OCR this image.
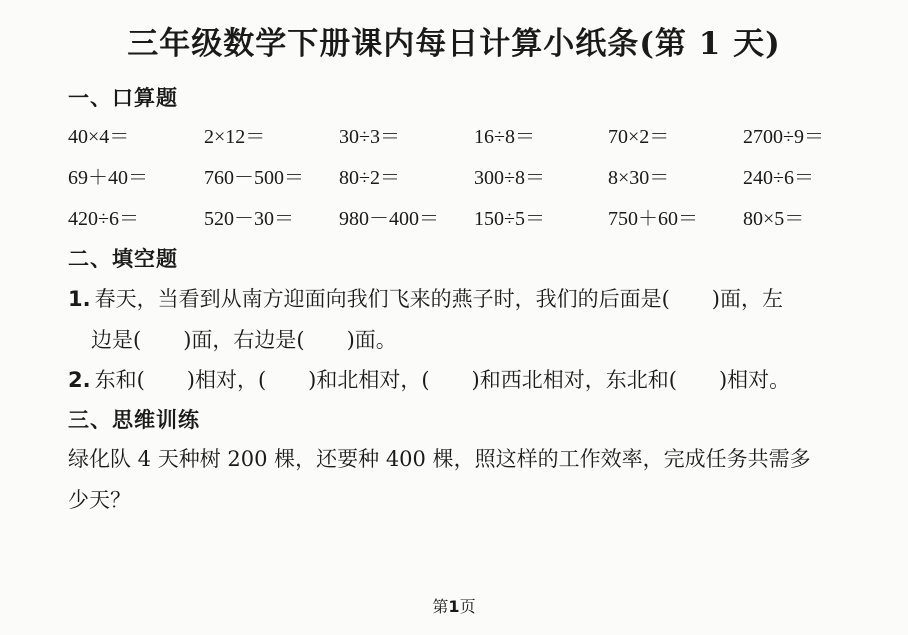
三年级数学下册课内每日计算小纸条(第 1 天)
一、口算题
40×4＝	2×12＝	30÷3＝	16÷8＝	70×2＝	2700÷9＝
69＋40＝	760－500＝ 80÷2＝	300÷8＝	8×30＝	240÷6＝
420÷6＝	520－30＝ 980－400＝ 150÷5＝	750＋60＝ 80×5＝
二、填空题
1. 春天，当看到从南方迎面向我们飞来的燕子时，我们的后面是(　　)面，左
边是(　　)面，右边是(　　)面。
2. 东和(　　)相对，(　　)和北相对，(　　)和西北相对，东北和(　　)相对。
三、思维训练
绿化队 4 天种树 200 棵，还要种 400 棵，照这样的工作效率，完成任务共需多
少天？
第1页
